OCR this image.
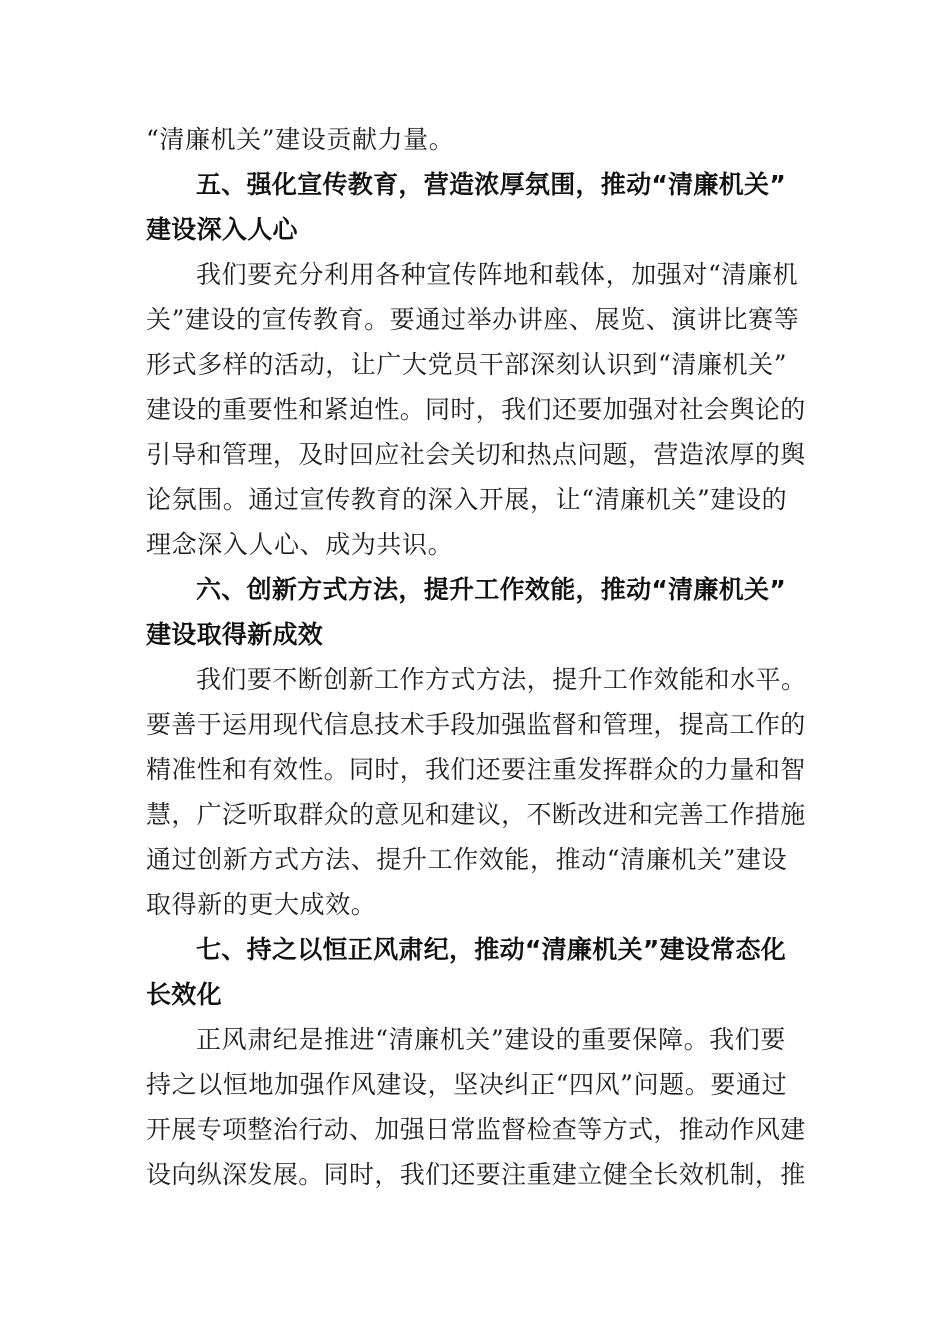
“清廉机关”建设贡献力量。
五、强化宣传教育，营造浓厚氛围，推动“清廉机关”
建设深入人心
我们要充分利用各种宣传阵地和载体，加强对“清廉机
关”建设的宣传教育。要通过举办讲座、展览、演讲比赛等
形式多样的活动，让广大党员干部深刻认识到“清廉机关”
建设的重要性和紧迫性。同时，我们还要加强对社会舆论的
引导和管理，及时回应社会关切和热点问题，营造浓厚的舆
论氛围。通过宣传教育的深入开展，让“清廉机关”建设的
理念深入人心、成为共识。
六、创新方式方法，提升工作效能，推动“清廉机关”
建设取得新成效
我们要不断创新工作方式方法，提升工作效能和水平。
要善于运用现代信息技术手段加强监督和管理，提高工作的
精准性和有效性。同时，我们还要注重发挥群众的力量和智
慧，广泛听取群众的意见和建议，不断改进和完善工作措施
通过创新方式方法、提升工作效能，推动“清廉机关”建设
取得新的更大成效。
七、持之以恒正风肃纪，推动“清廉机关”建设常态化
长效化
正风肃纪是推进“清廉机关”建设的重要保障。我们要
持之以恒地加强作风建设，坚决纠正“四风”问题。要通过
开展专项整治行动、加强日常监督检查等方式，推动作风建
设向纵深发展。同时，我们还要注重建立健全长效机制，推
